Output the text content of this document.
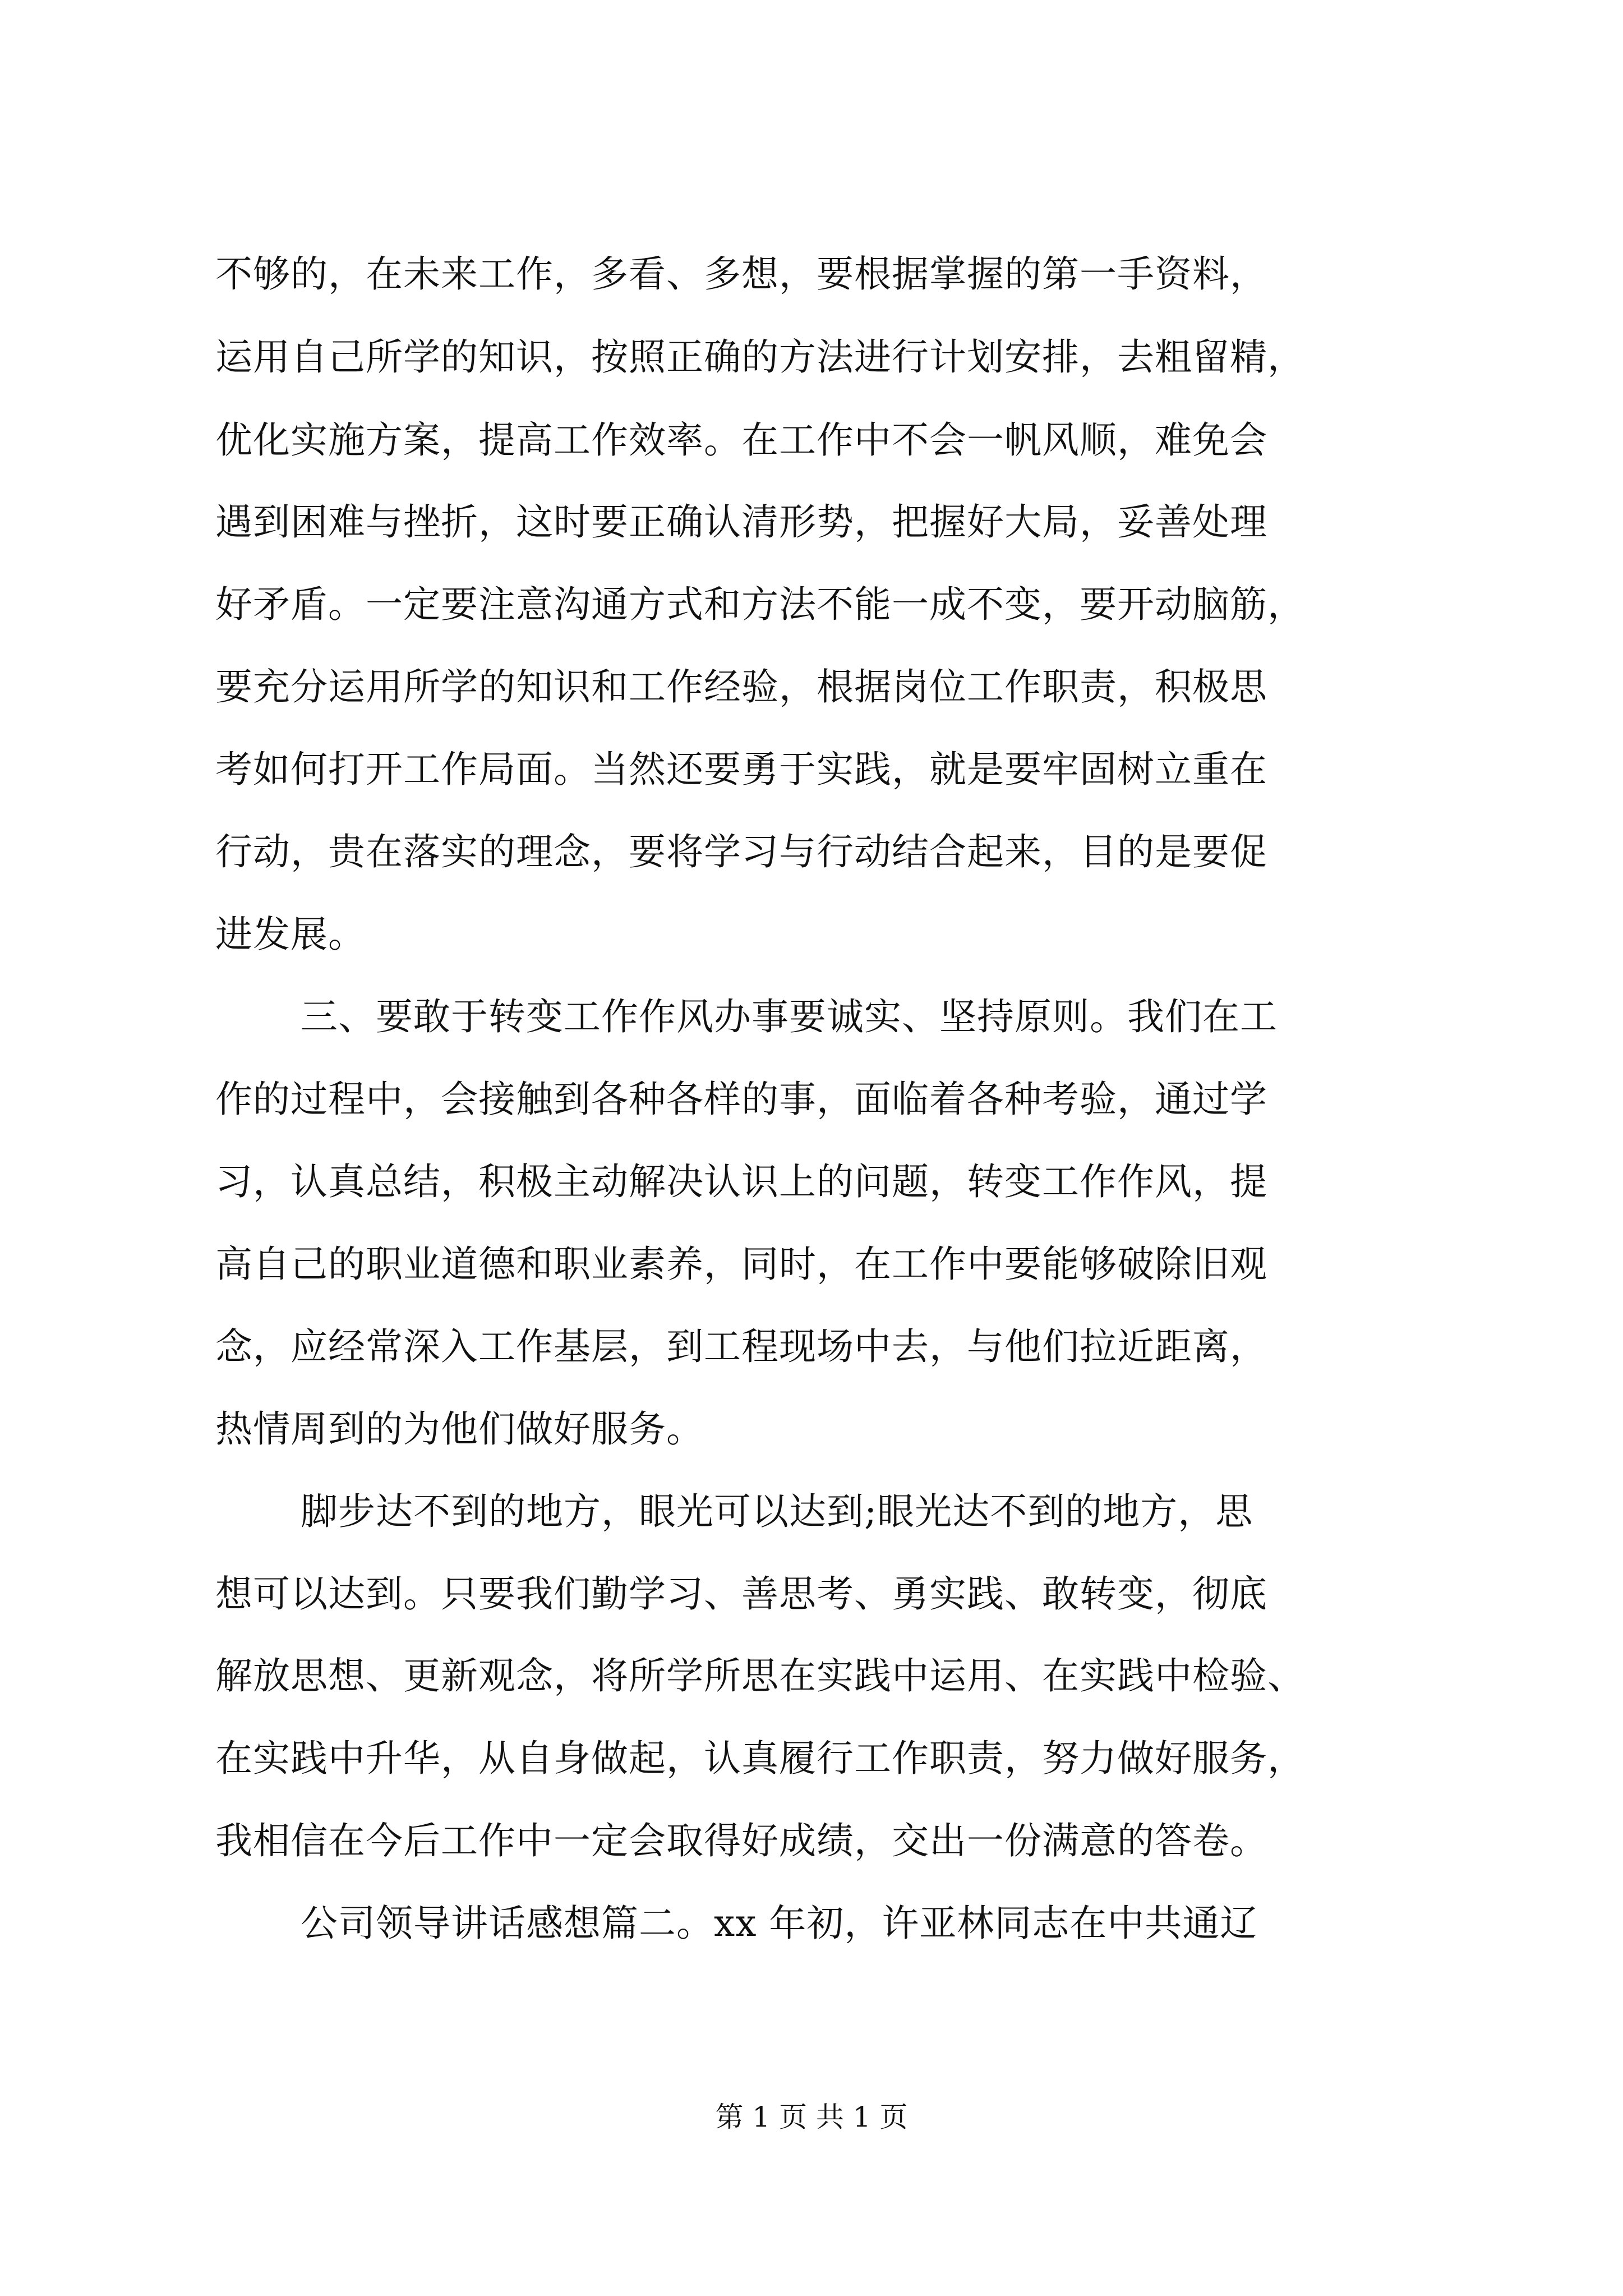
不够的，在未来工作，多看、多想，要根据掌握的第一手资料，
运用自己所学的知识，按照正确的方法进行计划安排，去粗留精，
优化实施方案，提高工作效率。在工作中不会一帆风顺，难免会
遇到困难与挫折，这时要正确认清形势，把握好大局，妥善处理
好矛盾。一定要注意沟通方式和方法不能一成不变，要开动脑筋，
要充分运用所学的知识和工作经验，根据岗位工作职责，积极思
考如何打开工作局面。当然还要勇于实践，就是要牢固树立重在
行动，贵在落实的理念，要将学习与行动结合起来，目的是要促
进发展。
三、要敢于转变工作作风办事要诚实、坚持原则。我们在工
作的过程中，会接触到各种各样的事，面临着各种考验，通过学
习，认真总结，积极主动解决认识上的问题，转变工作作风，提
高自己的职业道德和职业素养，同时，在工作中要能够破除旧观
念，应经常深入工作基层，到工程现场中去，与他们拉近距离，
热情周到的为他们做好服务。
脚步达不到的地方，眼光可以达到;眼光达不到的地方，思
想可以达到。只要我们勤学习、善思考、勇实践、敢转变，彻底
解放思想、更新观念，将所学所思在实践中运用、在实践中检验、
在实践中升华，从自身做起，认真履行工作职责，努力做好服务，
我相信在今后工作中一定会取得好成绩，交出一份满意的答卷。
公司领导讲话感想篇二。xx 年初，许亚林同志在中共通辽
第 1 页 共 1 页
